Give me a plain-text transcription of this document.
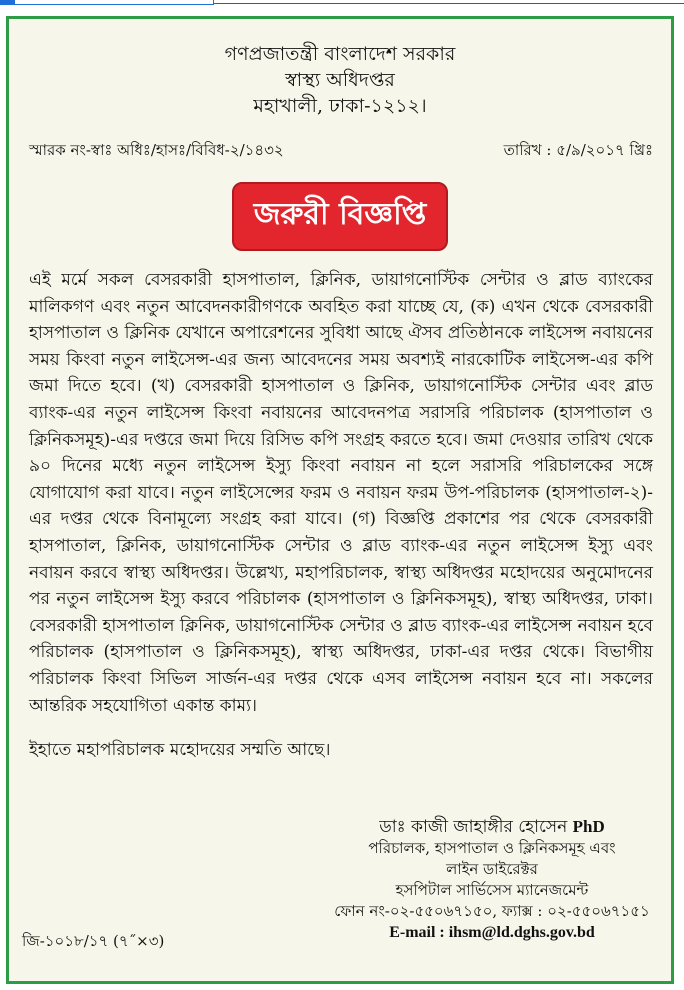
গণপ্রজাতন্ত্রী বাংলাদেশ সরকার
স্বাস্থ্য অধিদপ্তর
মহাখালী, ঢাকা-১২১২।
স্মারক নং-স্বাঃ অধিঃ/হাসঃ/বিবিধ-২/১৪৩২	তারিখ : ৫/৯/২০১৭ খ্রিঃ
জরুরী বিজ্ঞপ্তি
এই মর্মে সকল বেসরকারী হাসপাতাল, ক্লিনিক, ডায়াগনোস্টিক সেন্টার ও ব্লাড ব্যাংকের মালিকগণ এবং নতুন আবেদনকারীগণকে অবহিত করা যাচ্ছে যে, (ক) এখন থেকে বেসরকারী হাসপাতাল ও ক্লিনিক যেখানে অপারেশনের সুবিধা আছে ঐসব প্রতিষ্ঠানকে লাইসেন্স নবায়নের সময় কিংবা নতুন লাইসেন্স-এর জন্য আবেদনের সময় অবশ্যই নারকোটিক লাইসেন্স-এর কপি জমা দিতে হবে। (খ) বেসরকারী হাসপাতাল ও ক্লিনিক, ডায়াগনোস্টিক সেন্টার এবং ব্লাড ব্যাংক-এর নতুন লাইসেন্স কিংবা নবায়নের আবেদনপত্র সরাসরি পরিচালক (হাসপাতাল ও ক্লিনিকসমূহ)-এর দপ্তরে জমা দিয়ে রিসিভ কপি সংগ্রহ করতে হবে। জমা দেওয়ার তারিখ থেকে ৯০ দিনের মধ্যে নতুন লাইসেন্স ইস্যু কিংবা নবায়ন না হলে সরাসরি পরিচালকের সঙ্গে যোগাযোগ করা যাবে। নতুন লাইসেন্সের ফরম ও নবায়ন ফরম উপ-পরিচালক (হাসপাতাল-২)-এর দপ্তর থেকে বিনামূল্যে সংগ্রহ করা যাবে। (গ) বিজ্ঞপ্তি প্রকাশের পর থেকে বেসরকারী হাসপাতাল, ক্লিনিক, ডায়াগনোস্টিক সেন্টার ও ব্লাড ব্যাংক-এর নতুন লাইসেন্স ইস্যু এবং নবায়ন করবে স্বাস্থ্য অধিদপ্তর। উল্লেখ্য, মহাপরিচালক, স্বাস্থ্য অধিদপ্তর মহোদয়ের অনুমোদনের পর নতুন লাইসেন্স ইস্যু করবে পরিচালক (হাসপাতাল ও ক্লিনিকসমূহ), স্বাস্থ্য অধিদপ্তর, ঢাকা। বেসরকারী হাসপাতাল ক্লিনিক, ডায়াগনোস্টিক সেন্টার ও ব্লাড ব্যাংক-এর লাইসেন্স নবায়ন হবে পরিচালক (হাসপাতাল ও ক্লিনিকসমূহ), স্বাস্থ্য অধিদপ্তর, ঢাকা-এর দপ্তর থেকে। বিভাগীয় পরিচালক কিংবা সিভিল সার্জন-এর দপ্তর থেকে এসব লাইসেন্স নবায়ন হবে না। সকলের আন্তরিক সহযোগিতা একান্ত কাম্য।
ইহাতে মহাপরিচালক মহোদয়ের সম্মতি আছে।
ডাঃ কাজী জাহাঙ্গীর হোসেন PhD
পরিচালক, হাসপাতাল ও ক্লিনিকসমূহ এবং
লাইন ডাইরেক্টর
হসপিটাল সার্ভিসেস ম্যানেজমেন্ট
ফোন নং-০২-৫৫০৬৭১৫০, ফ্যাক্স : ০২-৫৫০৬৭১৫১
E-mail : ihsm@ld.dghs.gov.bd
জি-১০১৮/১৭ (৭˝×৩)
